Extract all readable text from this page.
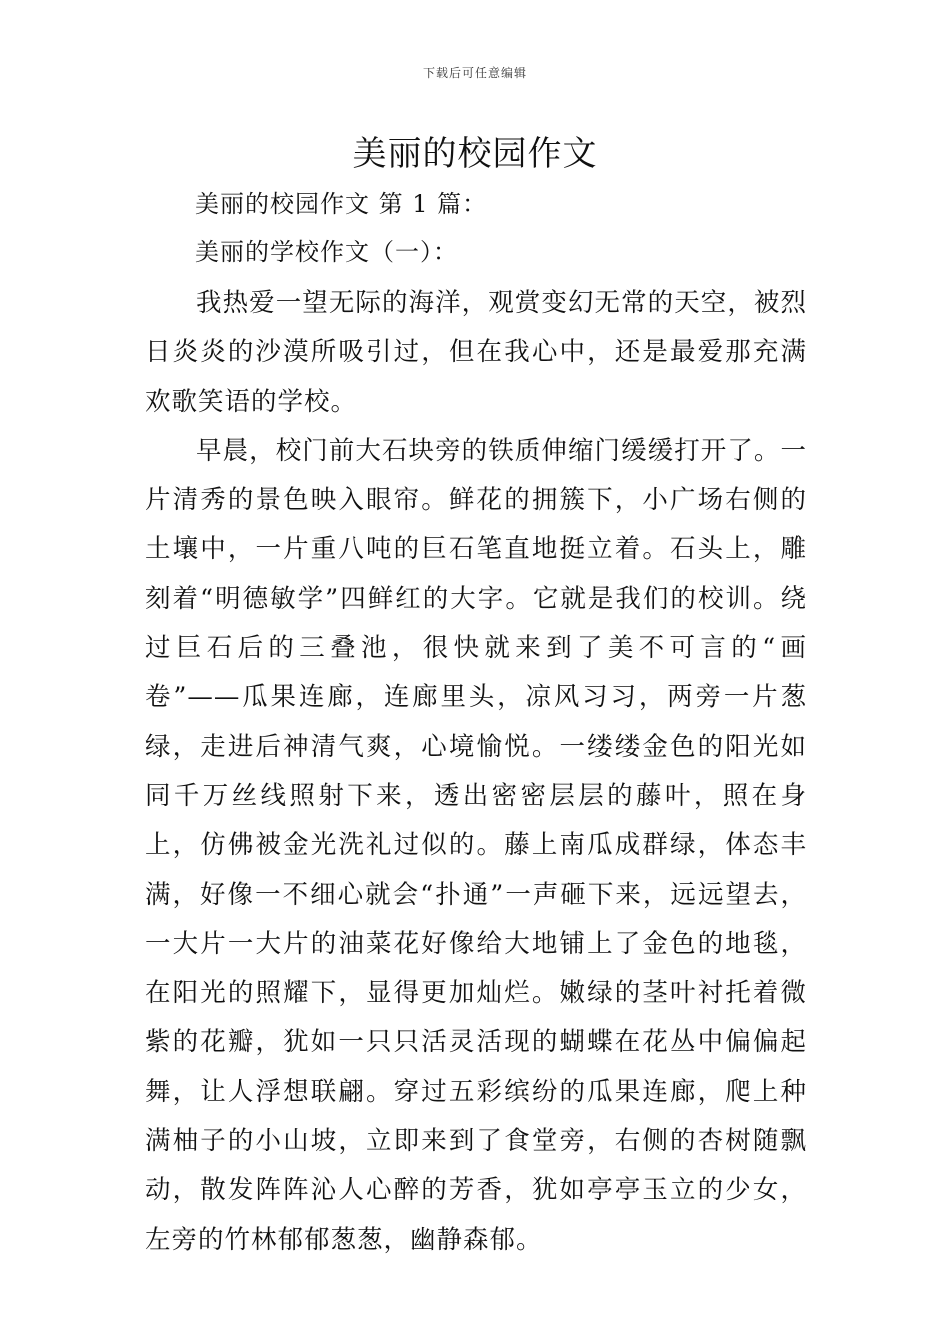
下载后可任意编辑
美丽的校园作文
美丽的校园作文 第 1 篇：
美丽的学校作文（一）：

我热爱一望无际的海洋，观赏变幻无常的天空，被烈日炎炎的沙漠所吸引过，但在我心中，还是最爱那充满欢歌笑语的学校。

早晨，校门前大石块旁的铁质伸缩门缓缓打开了。一片清秀的景色映入眼帘。鲜花的拥簇下，小广场右侧的土壤中，一片重八吨的巨石笔直地挺立着。石头上，雕刻着“明德敏学”四鲜红的大字。它就是我们的校训。绕过巨石后的三叠池，很快就来到了美不可言的“画卷”——瓜果连廊，连廊里头，凉风习习，两旁一片葱绿，走进后神清气爽，心境愉悦。一缕缕金色的阳光如同千万丝线照射下来，透出密密层层的藤叶，照在身上，仿佛被金光洗礼过似的。藤上南瓜成群绿，体态丰满，好像一不细心就会“扑通”一声砸下来，远远望去，一大片一大片的油菜花好像给大地铺上了金色的地毯，在阳光的照耀下，显得更加灿烂。嫩绿的茎叶衬托着微紫的花瓣，犹如一只只活灵活现的蝴蝶在花丛中偏偏起舞，让人浮想联翩。穿过五彩缤纷的瓜果连廊，爬上种满柚子的小山坡，立即来到了食堂旁，右侧的杏树随飘动，散发阵阵沁人心醉的芳香，犹如亭亭玉立的少女，左旁的竹林郁郁葱葱，幽静森郁。
